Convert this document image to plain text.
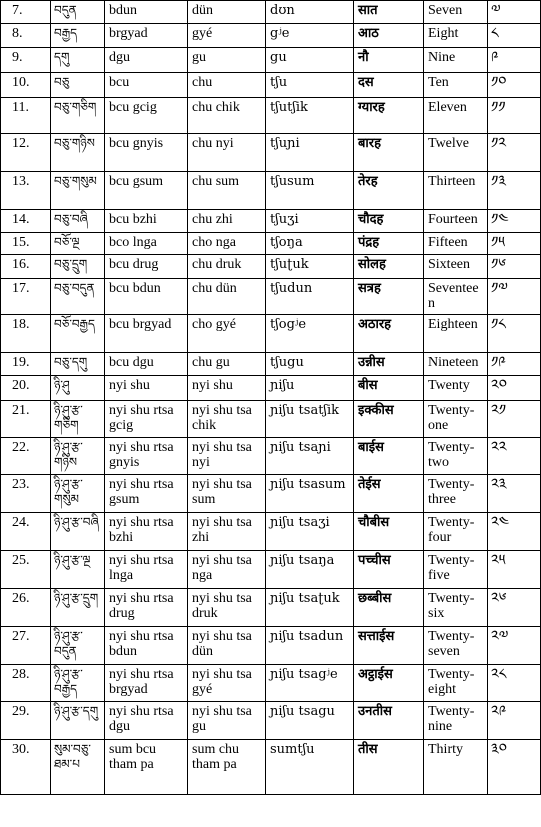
7.	བདུན	bdun	dün	dʊn	सात	Seven	༧
8.	བརྒྱད	brgyad	gyé	gʲe	आठ	Eight	༨
9.	དགུ	dgu	gu	gu	नौ	Nine	༩
10.	བཅུ	bcu	chu	tʃu	दस	Ten	༡༠
11.	བཅུ་གཅིག	bcu gcig	chu chik	tʃutʃik	ग्यारह	Eleven	༡༡
12.	བཅུ་གཉིས	bcu gnyis	chu nyi	tʃuɲi	बारह	Twelve	༡༢
13.	བཅུ་གསུམ	bcu gsum	chu sum	tʃusum	तेरह	Thirteen	༡༣
14.	བཅུ་བཞི	bcu bzhi	chu zhi	tʃuʒi	चौदह	Fourteen	༡༤
15.	བཅོ་ལྔ	bco lnga	cho nga	tʃoŋa	पंद्रह	Fifteen	༡༥
16.	བཅུ་དྲུག	bcu drug	chu druk	tʃuʈuk	सोलह	Sixteen	༡༦
17.	བཅུ་བདུན	bcu bdun	chu dün	tʃudun	सत्रह	Seventeen	༡༧
18.	བཅོ་བརྒྱད	bcu brgyad	cho gyé	tʃogʲe	अठारह	Eighteen	༡༨
19.	བཅུ་དགུ	bcu dgu	chu gu	tʃugu	उन्नीस	Nineteen	༡༩
20.	ཉི་ཤུ	nyi shu	nyi shu	ɲiʃu	बीस	Twenty	༢༠
21.	ཉི་ཤུ་རྩ་གཅིག	nyi shu rtsa gcig	nyi shu tsa chik	ɲiʃu tsatʃik	इक्कीस	Twenty-one	༢༡
22.	ཉི་ཤུ་རྩ་གཉིས	nyi shu rtsa gnyis	nyi shu tsa nyi	ɲiʃu tsaɲi	बाईस	Twenty-two	༢༢
23.	ཉི་ཤུ་རྩ་གསུམ	nyi shu rtsa gsum	nyi shu tsa sum	ɲiʃu tsasum	तेईस	Twenty-three	༢༣
24.	ཉི་ཤུ་རྩ་བཞི	nyi shu rtsa bzhi	nyi shu tsa zhi	ɲiʃu tsaʒi	चौबीस	Twenty-four	༢༤
25.	ཉི་ཤུ་རྩ་ལྔ	nyi shu rtsa lnga	nyi shu tsa nga	ɲiʃu tsaŋa	पच्चीस	Twenty-five	༢༥
26.	ཉི་ཤུ་རྩ་དྲུག	nyi shu rtsa drug	nyi shu tsa druk	ɲiʃu tsaʈuk	छब्बीस	Twenty-six	༢༦
27.	ཉི་ཤུ་རྩ་བདུན	nyi shu rtsa bdun	nyi shu tsa dün	ɲiʃu tsadun	सत्ताईस	Twenty-seven	༢༧
28.	ཉི་ཤུ་རྩ་བརྒྱད	nyi shu rtsa brgyad	nyi shu tsa gyé	ɲiʃu tsagʲe	अट्ठाईस	Twenty-eight	༢༨
29.	ཉི་ཤུ་རྩ་དགུ	nyi shu rtsa dgu	nyi shu tsa gu	ɲiʃu tsagu	उनतीस	Twenty-nine	༢༩
30.	སུམ་བཅུ་ཐམ་པ	sum bcu tham pa	sum chu tham pa	sumtʃu	तीस	Thirty	༣༠
